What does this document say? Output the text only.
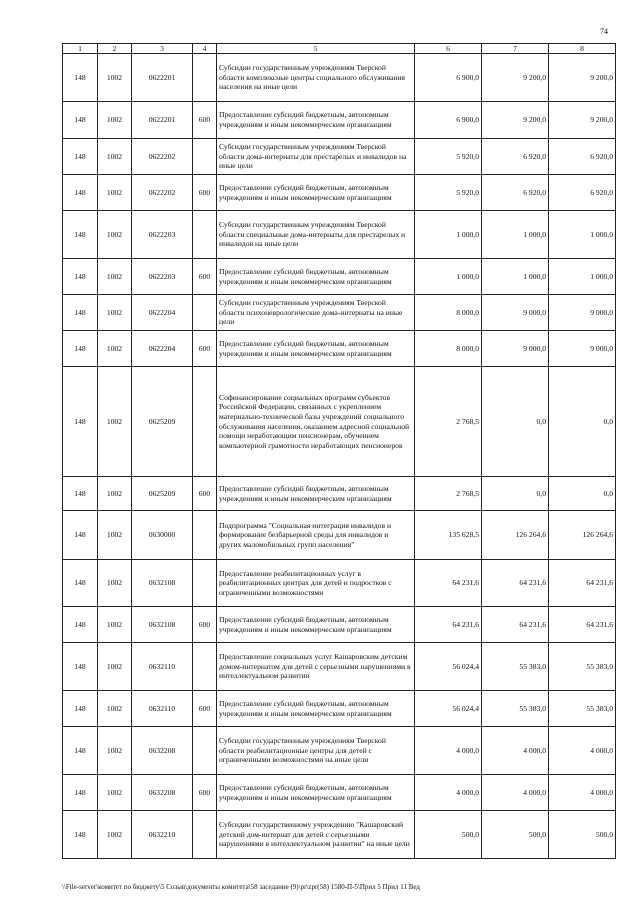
74
1	2	3	4	5	6	7	8
148	1002	0622201		Субсидии государственным учреждениям Тверской области комплексные центры социального обслуживания населения на иные цели	6 900,0	9 200,0	9 200,0
148	1002	0622201	600	Предоставление субсидий бюджетным, автономным учреждениям и иным некоммерческим организациям	6 900,0	9 200,0	9 200,0
148	1002	0622202		Субсидии государственным учреждениям Тверской области дома-интернаты для престарелых и инвалидов на иные цели	5 920,0	6 920,0	6 920,0
148	1002	0622202	600	Предоставление субсидий бюджетным, автономным учреждениям и иным некоммерческим организациям	5 920,0	6 920,0	6 920,0
148	1002	0622203		Субсидии государственным учреждениям Тверской области специальные дома-интернаты для престарелых и инвалидов на иные цели	1 000,0	1 000,0	1 000,0
148	1002	0622203	600	Предоставление субсидий бюджетным, автономным учреждениям и иным некоммерческим организациям	1 000,0	1 000,0	1 000,0
148	1002	0622204		Субсидии государственным учреждениям Тверской области психоневрологические дома-интернаты на иные цели	8 000,0	9 000,0	9 000,0
148	1002	0622204	600	Предоставление субсидий бюджетным, автономным учреждениям и иным некоммерческим организациям	8 000,0	9 000,0	9 000,0
148	1002	0625209		Софинансирование социальных программ субъектов Российской Федерации, связанных с укреплением материально-технической базы учреждений социального обслуживания населения, оказанием адресной социальной помощи неработающим пенсионерам, обучением компьютерной грамотности неработающих пенсионеров	2 768,5	0,0	0,0
148	1002	0625209	600	Предоставление субсидий бюджетным, автономным учреждениям и иным некоммерческим организациям	2 768,5	0,0	0,0
148	1002	0630000		Подпрограмма "Социальная интеграция инвалидов и формирование безбарьерной среды для инвалидов и других маломобильных групп населения"	135 628,5	126 264,6	126 264,6
148	1002	0632108		Предоставление реабилитационных услуг в реабилитационных центрах для детей и подростков с ограниченными возможностями	64 231,6	64 231,6	64 231,6
148	1002	0632108	600	Предоставление субсидий бюджетным, автономным учреждениям и иным некоммерческим организациям	64 231,6	64 231,6	64 231,6
148	1002	0632110		Предоставление социальных услуг Кашаровским детским домом-интернатом для детей с серьезными нарушениями в интеллектуальном развитии	56 024,4	55 383,0	55 383,0
148	1002	0632110	600	Предоставление субсидий бюджетным, автономным учреждениям и иным некоммерческим организациям	56 024,4	55 383,0	55 383,0
148	1002	0632208		Субсидии государственным учреждениям Тверской области реабилитационные центры для детей с ограниченными возможностями на иные цели	4 000,0	4 000,0	4 000,0
148	1002	0632208	600	Предоставление субсидий бюджетным, автономным учреждениям и иным некоммерческим организациям	4 000,0	4 000,0	4 000,0
148	1002	0632210		Субсидии государственному учреждению "Кашаровский детский дом-интернат для детей с серьезными нарушениями в интеллектуальном развитии" на иные цели	500,0	500,0	500,0
\\File-server\комитет по бюджету\5 Созыв\документы комитета\58 заседание (9)\pr\zpr(58) 1580-П-5\Прил 5 Прил 11 Вед
